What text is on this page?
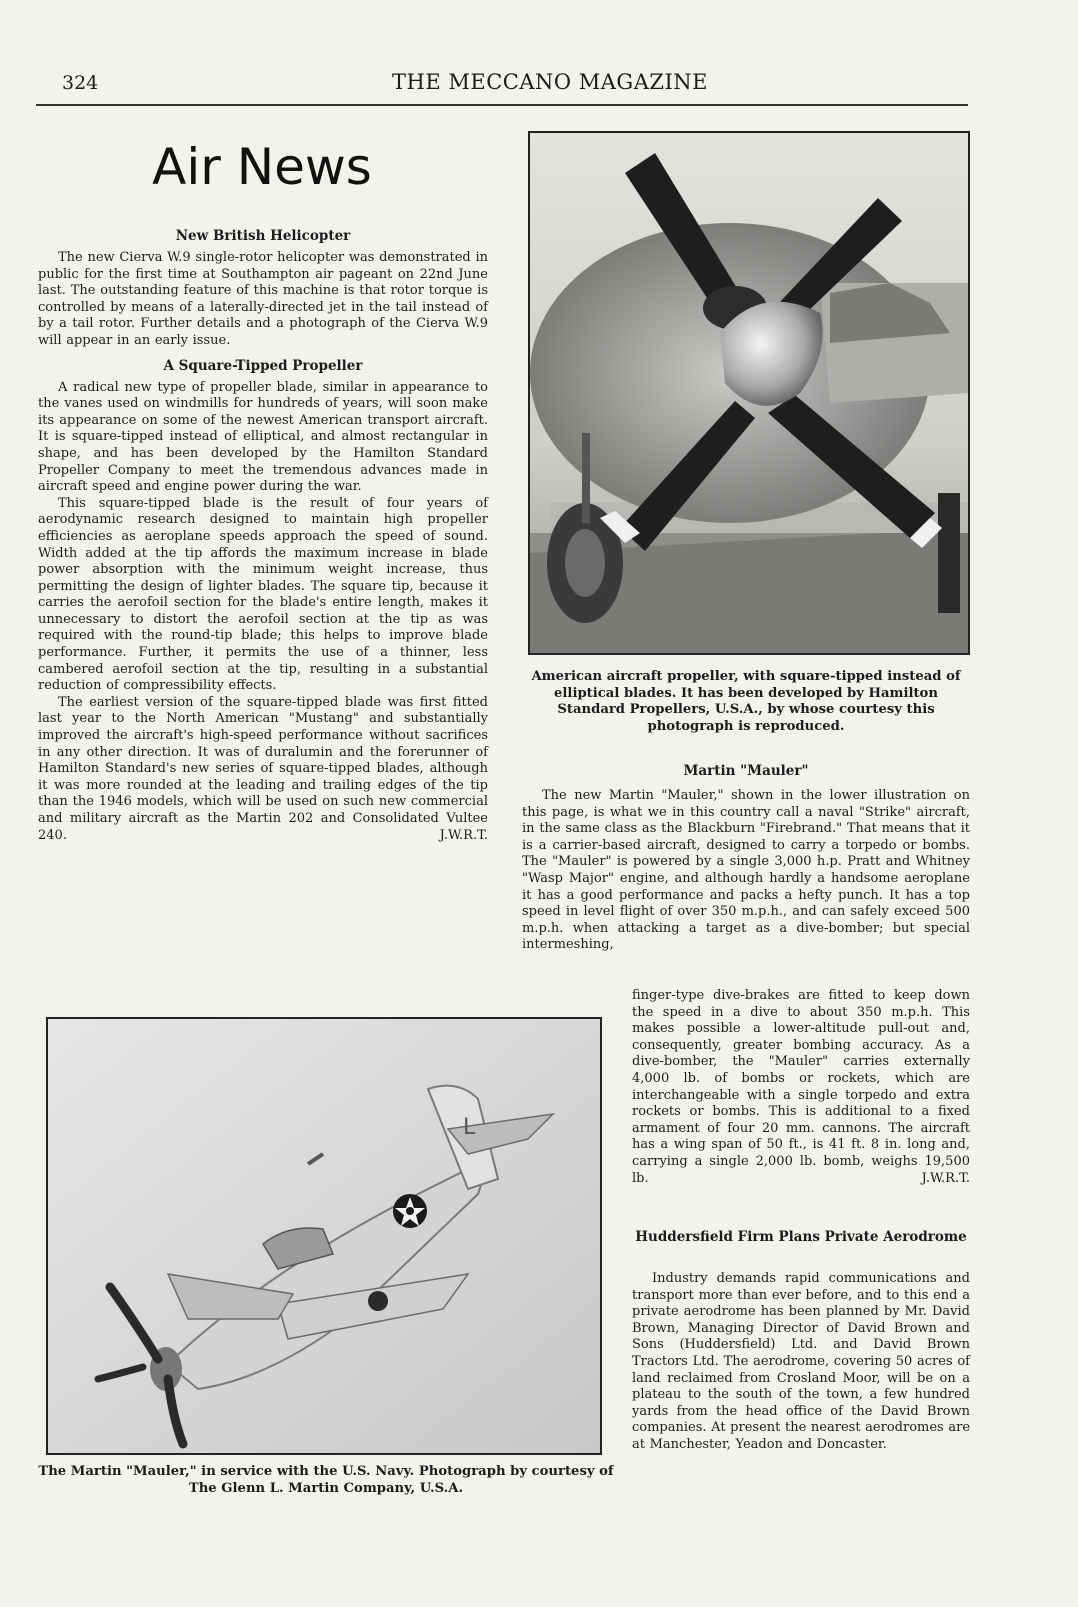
324	THE MECCANO MAGAZINE
Air News

New British Helicopter

The new Cierva W.9 single-rotor helicopter was demonstrated in public for the first time at Southampton air pageant on 22nd June last. The outstanding feature of this machine is that rotor torque is controlled by means of a laterally-directed jet in the tail instead of by a tail rotor. Further details and a photograph of the Cierva W.9 will appear in an early issue.

A Square-Tipped Propeller

A radical new type of propeller blade, similar in appearance to the vanes used on windmills for hundreds of years, will soon make its appearance on some of the newest American transport aircraft. It is square-tipped instead of elliptical, and almost rectangular in shape, and has been developed by the Hamilton Standard Propeller Company to meet the tremendous advances made in aircraft speed and engine power during the war.

This square-tipped blade is the result of four years of aerodynamic research designed to maintain high propeller efficiencies as aeroplane speeds approach the speed of sound. Width added at the tip affords the maximum increase in blade power absorption with the minimum weight increase, thus permitting the design of lighter blades. The square tip, because it carries the aerofoil section for the blade's entire length, makes it unnecessary to distort the aerofoil section at the tip as was required with the round-tip blade; this helps to improve blade performance. Further, it permits the use of a thinner, less cambered aerofoil section at the tip, resulting in a substantial reduction of compressibility effects.

The earliest version of the square-tipped blade was first fitted last year to the North American "Mustang" and substantially improved the aircraft's high-speed performance without sacrifices in any other direction. It was of duralumin and the forerunner of Hamilton Standard's new series of square-tipped blades, although it was more rounded at the leading and trailing edges of the tip than the 1946 models, which will be used on such new commercial and military aircraft as the Martin 202 and Consolidated Vultee 240.	J.W.R.T.

American aircraft propeller, with square-tipped instead of elliptical blades. It has been developed by Hamilton Standard Propellers, U.S.A., by whose courtesy this photograph is reproduced.

Martin "Mauler"

The new Martin "Mauler," shown in the lower illustration on this page, is what we in this country call a naval "Strike" aircraft, in the same class as the Blackburn "Firebrand." That means that it is a carrier-based aircraft, designed to carry a torpedo or bombs. The "Mauler" is powered by a single 3,000 h.p. Pratt and Whitney "Wasp Major" engine, and although hardly a handsome aeroplane it has a good performance and packs a hefty punch. It has a top speed in level flight of over 350 m.p.h., and can safely exceed 500 m.p.h. when attacking a target as a dive-bomber; but special intermeshing,

finger-type dive-brakes are fitted to keep down the speed in a dive to about 350 m.p.h. This makes possible a lower-altitude pull-out and, consequently, greater bombing accuracy. As a dive-bomber, the "Mauler" carries externally 4,000 lb. of bombs or rockets, which are interchangeable with a single torpedo and extra rockets or bombs. This is additional to a fixed armament of four 20 mm. cannons. The aircraft has a wing span of 50 ft., is 41 ft. 8 in. long and, carrying a single 2,000 lb. bomb, weighs 19,500 lb.	J.W.R.T.

L

The Martin "Mauler," in service with the U.S. Navy. Photograph by courtesy of The Glenn L. Martin Company, U.S.A.

Huddersfield Firm Plans Private Aerodrome

Industry demands rapid communications and transport more than ever before, and to this end a private aerodrome has been planned by Mr. David Brown, Managing Director of David Brown and Sons (Huddersfield) Ltd. and David Brown Tractors Ltd. The aerodrome, covering 50 acres of land reclaimed from Crosland Moor, will be on a plateau to the south of the town, a few hundred yards from the head office of the David Brown companies. At present the nearest aerodromes are at Manchester, Yeadon and Doncaster.
